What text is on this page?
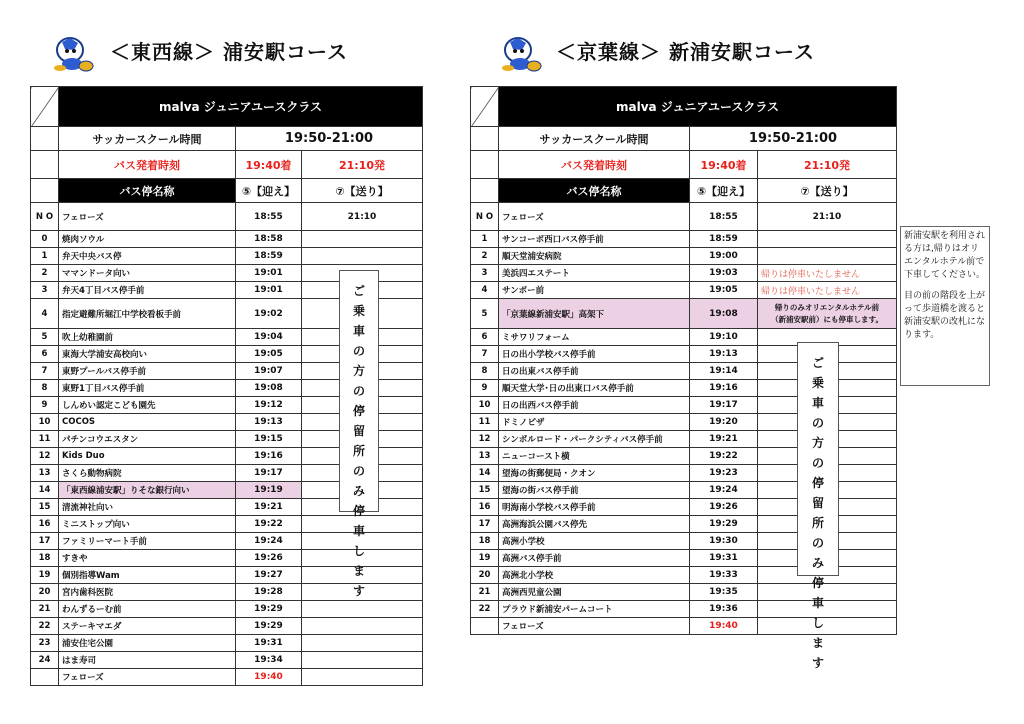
＜東西線＞ 浦安駅コース	＜京葉線＞ 新浦安駅コース
	malva ジュニアユースクラス		
	サッカースクール時間	19:50-21:00	
	バス発着時刻	19:40着	21:10発
	バス停名称	⑤【迎え】	⑦【送り】
N O	フェローズ	18:55	21:10
0	焼肉ソウル	18:58	
1	弁天中央バス停	18:59	
2	ママンドータ向い	19:01	
3	弁天4丁目バス停手前	19:01	
4	指定避難所堀江中学校看板手前	19:02	
5	吹上幼稚園前	19:04	
6	東海大学浦安高校向い	19:05	
7	東野プールバス停手前	19:07	
8	東野1丁目バス停手前	19:08	
9	しんめい認定こども園先	19:12	
10	COCOS	19:13	
11	パチンコウエスタン	19:15	
12	Kids Duo	19:16	
13	さくら動物病院	19:17	
14	「東西線浦安駅」りそな銀行向い	19:19	
15	清流神社向い	19:21	
16	ミニストップ向い	19:22	
17	ファミリーマート手前	19:24	
18	すきや	19:26	
19	個別指導Wam	19:27	
20	宮内歯科医院	19:28	
21	わんずるーむ前	19:29	
22	ステーキマエダ	19:29	
23	浦安住宅公園	19:31	
24	はま寿司	19:34	
	フェローズ	19:40	
ご
乗
車
の
方
の
停
留
所
の
み
停
車
し
ま
す
	malva ジュニアユースクラス		
	サッカースクール時間	19:50-21:00	
	バス発着時刻	19:40着	21:10発
	バス停名称	⑤【迎え】	⑦【送り】
N O	フェローズ	18:55	21:10
1	サンコーポ西口バス停手前	18:59	
2	順天堂浦安病院	19:00	
3	美浜四エステート	19:03	帰りは停車いたしません
4	サンポー前	19:05	帰りは停車いたしません
5	「京葉線新浦安駅」高架下	19:08	帰りのみオリエンタルホテル前
（新浦安駅前）にも停車します。

6	ミサワリフォーム	19:10	
7	日の出小学校バス停手前	19:13	
8	日の出東バス停手前	19:14	
9	順天堂大学･日の出東口バス停手前	19:16	
10	日の出西バス停手前	19:17	
11	ドミノピザ	19:20	
12	シンボルロード・パークシティバス停手前	19:21	
13	ニューコースト横	19:22	
14	望海の街郵便局・クオン	19:23	
15	望海の街バス停手前	19:24	
16	明海南小学校バス停手前	19:26	
17	高洲海浜公園バス停先	19:29	
18	高洲小学校	19:30	
19	高洲バス停手前	19:31	
20	高洲北小学校	19:33	
21	高洲西児童公園	19:35	
22	プラウド新浦安パームコート	19:36	
	フェローズ	19:40	
ご
乗
車
の
方
の
停
留
所
の
み
停
車
し
ま
す

新浦安駅を利用される方は,帰りはオリエンタルホテル前で下車してください。

目の前の階段を上がって歩道橋を渡ると新浦安駅の改札になります。
